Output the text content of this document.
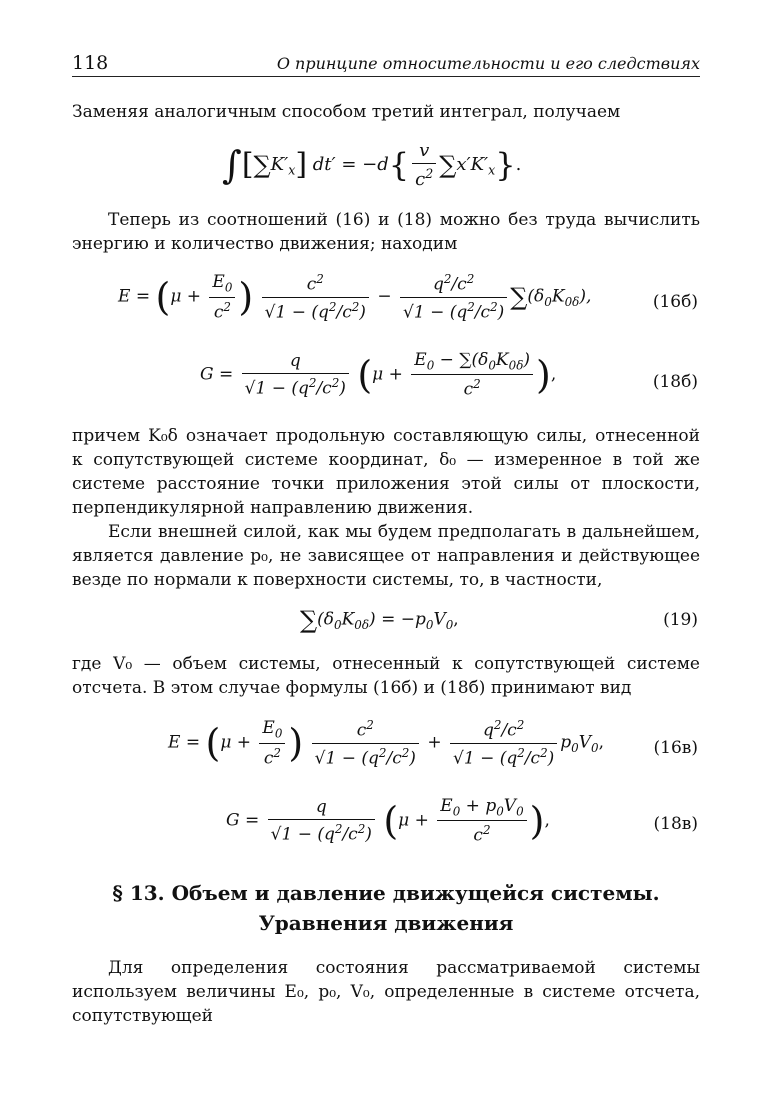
118	О принципе относительности и его следствиях

Заменяя аналогичным способом третий интеграл, получаем

$\int[\sum K'_x] dt' = -d\{ \frac{v}{c^2} \sum x'K'_x\}$.

Теперь из соотношений (16) и (18) можно без труда вычислить энергию и количество движения; находим

$E = (\mu + \frac{E_0}{c^2}$ ) $\frac{c^2}{√1 - (q^2/c^2)} - \frac{q^2/c^2}{√1 - (q^2/c^2)} \sum(\delta_0K_{0\delta})$,	(16б)
$G = \frac{q}{√1 - (q^2/c^2)} (\mu + \frac{E_0 - \sum(\delta_0K_{0\delta})}{c^2}$ ),	(18б)

причем K₀δ означает продольную составляющую силы, отнесенной к сопутствующей системе координат, δ₀ — измеренное в той же системе расстояние точки приложения этой силы от плоскости, перпендикулярной направлению движения.

Если внешней силой, как мы будем предполагать в дальнейшем, является давление p₀, не зависящее от направления и действующее везде по нормали к поверхности системы, то, в частности,

$\sum(\delta_0K_{0\delta}) = -p_0V_0$,	(19)

где V₀ — объем системы, отнесенный к сопутствующей системе отсчета. В этом случае формулы (16б) и (18б) принимают вид

$E = (\mu + \frac{E_0}{c^2}$ ) $\frac{c^2}{√1 - (q^2/c^2)} + \frac{q^2/c^2}{√1 - (q^2/c^2)} p_0V_0$,	(16в)
$G = \frac{q}{√1 - (q^2/c^2)} (\mu + \frac{E_0 + p_0V_0}{c^2}$ ),	(18в)
§ 13. Объем и давление движущейся системы.
Уравнения движения

Для определения состояния рассматриваемой системы используем величины E₀, p₀, V₀, определенные в системе отсчета, сопутствующей
